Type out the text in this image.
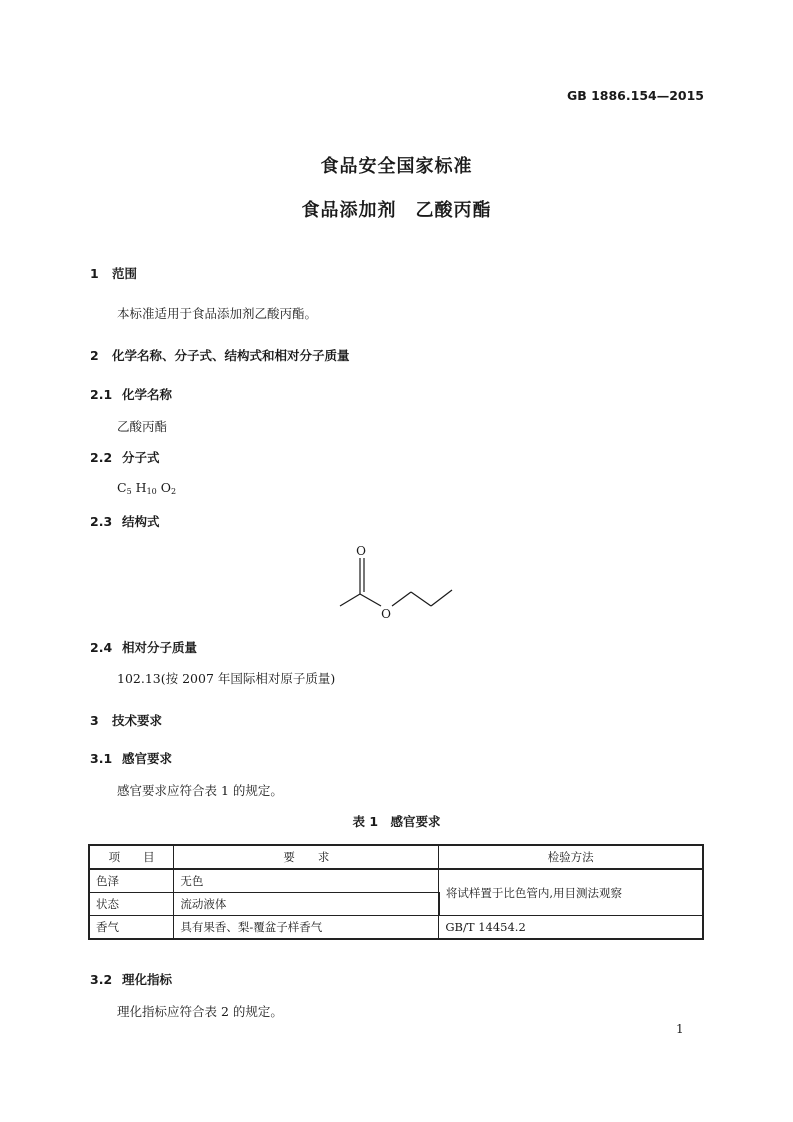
GB 1886.154—2015
食品安全国家标准
食品添加剂　乙酸丙酯
1 范围
本标准适用于食品添加剂乙酸丙酯。
2 化学名称、分子式、结构式和相对分子质量
2.1 化学名称
乙酸丙酯
2.2 分子式
$C_5$ $H_{10}$ $O_2$
2.3 结构式
O
O
2.4 相对分子质量
102.13(按 2007 年国际相对原子质量)
3 技术要求
3.1 感官要求
感官要求应符合表 1 的规定。
表 1　感官要求
项　　目	要　　求	检验方法
色泽	无色	将试样置于比色管内,用目测法观察
状态	流动液体	
香气	具有果香、梨-覆盆子样香气	GB/T 14454.2
3.2 理化指标
理化指标应符合表 2 的规定。
1
